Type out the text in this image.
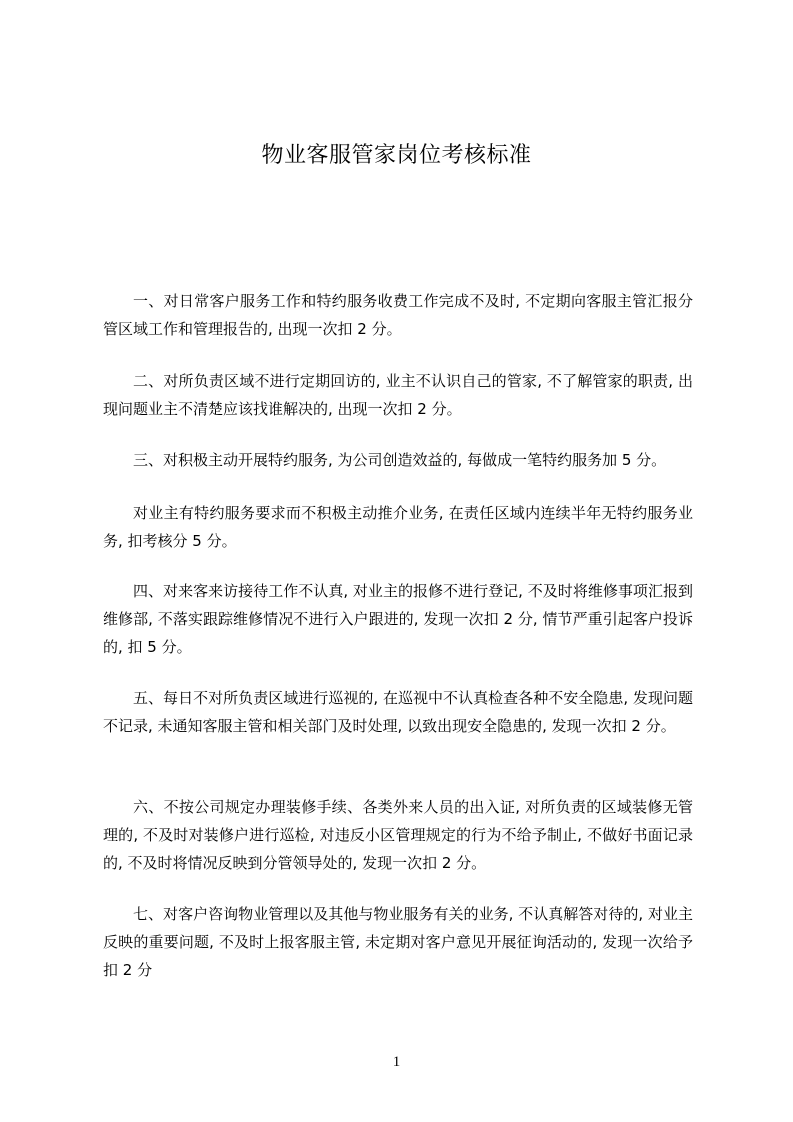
物业客服管家岗位考核标准

一、对日常客户服务工作和特约服务收费工作完成不及时, 不定期向客服主管汇报分管区域工作和管理报告的, 出现一次扣 2 分。

二、对所负责区域不进行定期回访的, 业主不认识自己的管家, 不了解管家的职责, 出现问题业主不清楚应该找谁解决的, 出现一次扣 2 分。

三、对积极主动开展特约服务, 为公司创造效益的, 每做成一笔特约服务加 5 分。

对业主有特约服务要求而不积极主动推介业务, 在责任区域内连续半年无特约服务业务, 扣考核分 5 分。

四、对来客来访接待工作不认真, 对业主的报修不进行登记, 不及时将维修事项汇报到维修部, 不落实跟踪维修情况不进行入户跟进的, 发现一次扣 2 分, 情节严重引起客户投诉的, 扣 5 分。

五、每日不对所负责区域进行巡视的, 在巡视中不认真检查各种不安全隐患, 发现问题不记录, 未通知客服主管和相关部门及时处理, 以致出现安全隐患的, 发现一次扣 2 分。

六、不按公司规定办理装修手续、各类外来人员的出入证, 对所负责的区域装修无管理的, 不及时对装修户进行巡检, 对违反小区管理规定的行为不给予制止, 不做好书面记录的, 不及时将情况反映到分管领导处的, 发现一次扣 2 分。

七、对客户咨询物业管理以及其他与物业服务有关的业务, 不认真解答对待的, 对业主反映的重要问题, 不及时上报客服主管, 未定期对客户意见开展征询活动的, 发现一次给予扣 2 分

1
